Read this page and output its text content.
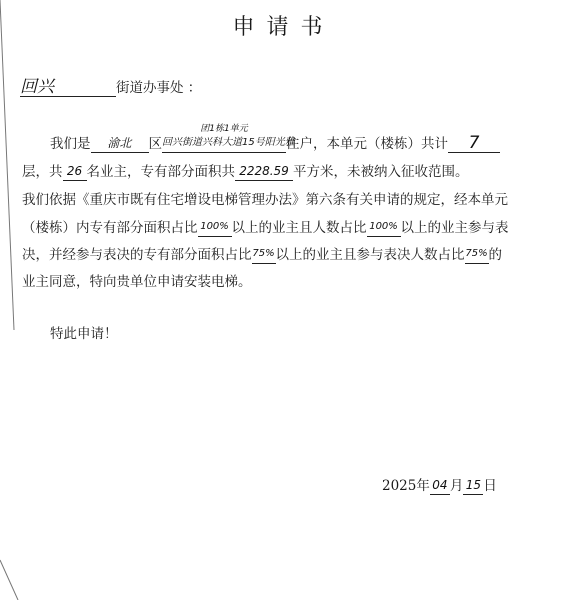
申请书
回兴	街道办事处 ：
我们是 渝北 区
团1栋1单元
回兴街道兴科大道15号阳光雅住户，本单元（楼栋）共计 7
层，共 26 名业主，专有部分面积共 2228.59 平方米，未被纳入征收范围。
我们依据《重庆市既有住宅增设电梯管理办法》第六条有关申请的规定，经本单元
（楼栋）内专有部分面积占比 100% 以上的业主且人数占比 100% 以上的业主参与表
决，并经参与表决的专有部分面积占比75%以上的业主且参与表决人数占比75%的
业主同意，特向贵单位申请安装电梯。
特此申请！
2025年 04 月 15 日
